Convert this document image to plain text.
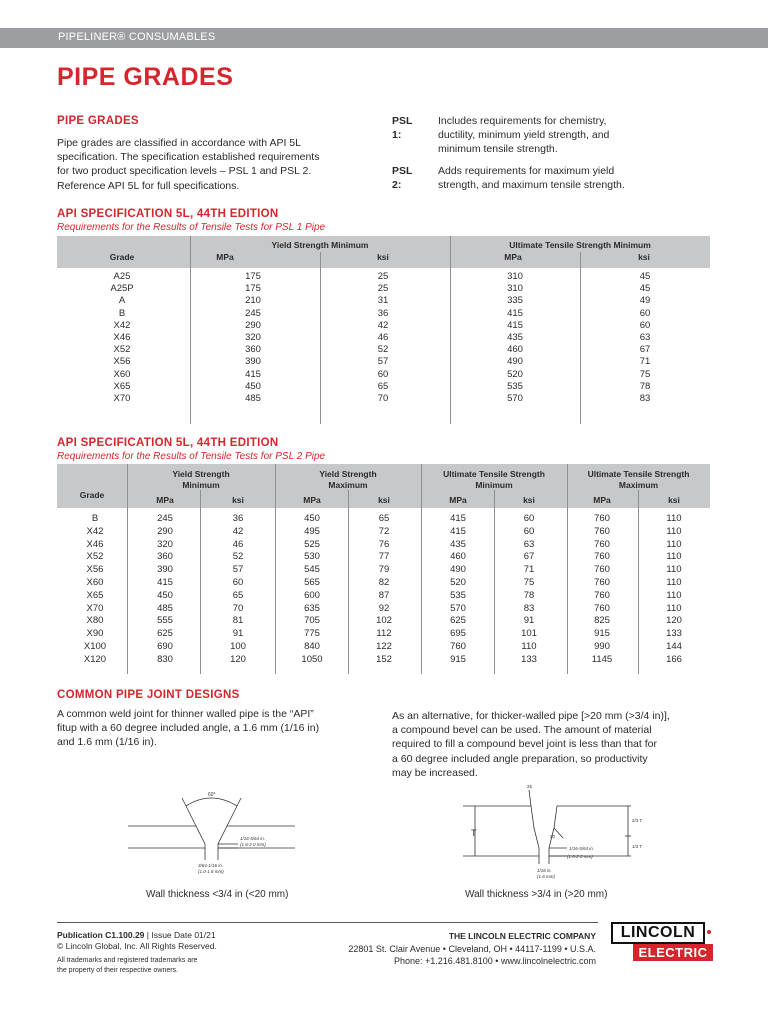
PIPELINER® CONSUMABLES
PIPE GRADES
PIPE GRADES
Pipe grades are classified in accordance with API 5L
specification. The specification established requirements
for two product specification levels – PSL 1 and PSL 2.
Reference API 5L for full specifications.
PSL 1:
Includes requirements for chemistry,
ductility, minimum yield strength, and
minimum tensile strength.
PSL 2:
Adds requirements for maximum yield
strength, and maximum tensile strength.
API SPECIFICATION 5L, 44TH EDITION
Requirements for the Results of Tensile Tests for PSL 1 Pipe
Yield Strength Minimum	Ultimate Tensile Strength Minimum
Grade	MPa	ksi	MPa	ksi
A25	175	25	310	45
A25P	175	25	310	45
A	210	31	335	49
B	245	36	415	60
X42	290	42	415	60
X46	320	46	435	63
X52	360	52	460	67
X56	390	57	490	71
X60	415	60	520	75
X65	450	65	535	78
X70	485	70	570	83
API SPECIFICATION 5L, 44TH EDITION
Requirements for the Results of Tensile Tests for PSL 2 Pipe
Yield Strength
Minimum
Yield Strength
Maximum
Ultimate Tensile Strength
Minimum
Ultimate Tensile Strength
Maximum
Grade	MPa	ksi	MPa	ksi	MPa	ksi	MPa	ksi
B	245	36	450	65	415	60	760	110
X42	290	42	495	72	415	60	760	110
X46	320	46	525	76	435	63	760	110
X52	360	52	530	77	460	67	760	110
X56	390	57	545	79	490	71	760	110
X60	415	60	565	82	520	75	760	110
X65	450	65	600	87	535	78	760	110
X70	485	70	635	92	570	83	760	110
X80	555	81	705	102	625	91	825	120
X90	625	91	775	112	695	101	915	133
X100	690	100	840	122	760	110	990	144
X120	830	120	1050	152	915	133	1145	166
COMMON PIPE JOINT DESIGNS
A common weld joint for thinner walled pipe is the “API”
fitup with a 60 degree included angle, a 1.6 mm (1/16 in)
and 1.6 mm (1/16 in).
As an alternative, for thicker-walled pipe [>20 mm (>3/4 in)],
a compound bevel can be used. The amount of material
required to fill a compound bevel joint is less than that for
a 60 degree included angle preparation, so productivity
may be increased.
60°
1/16-5/64 in.
(1.6-2.0 mm)
3/64-1/16 in.
(1.0-1.6 mm)
25
30
T
2/3 T
1/3 T
1/16-5/64 in.
(1.6-2.0 mm)
1/16 in.
(1.6 mm)
Wall thickness <3/4 in (<20 mm)	Wall thickness >3/4 in (>20 mm)
Publication C1.100.29 | Issue Date 01/21
© Lincoln Global, Inc. All Rights Reserved.
All trademarks and registered trademarks are
the property of their respective owners.
THE LINCOLN ELECTRIC COMPANY
22801 St. Clair Avenue • Cleveland, OH • 44117-1199 • U.S.A.
Phone: +1.216.481.8100 • www.lincolnelectric.com
LINCOLN
ELECTRIC
